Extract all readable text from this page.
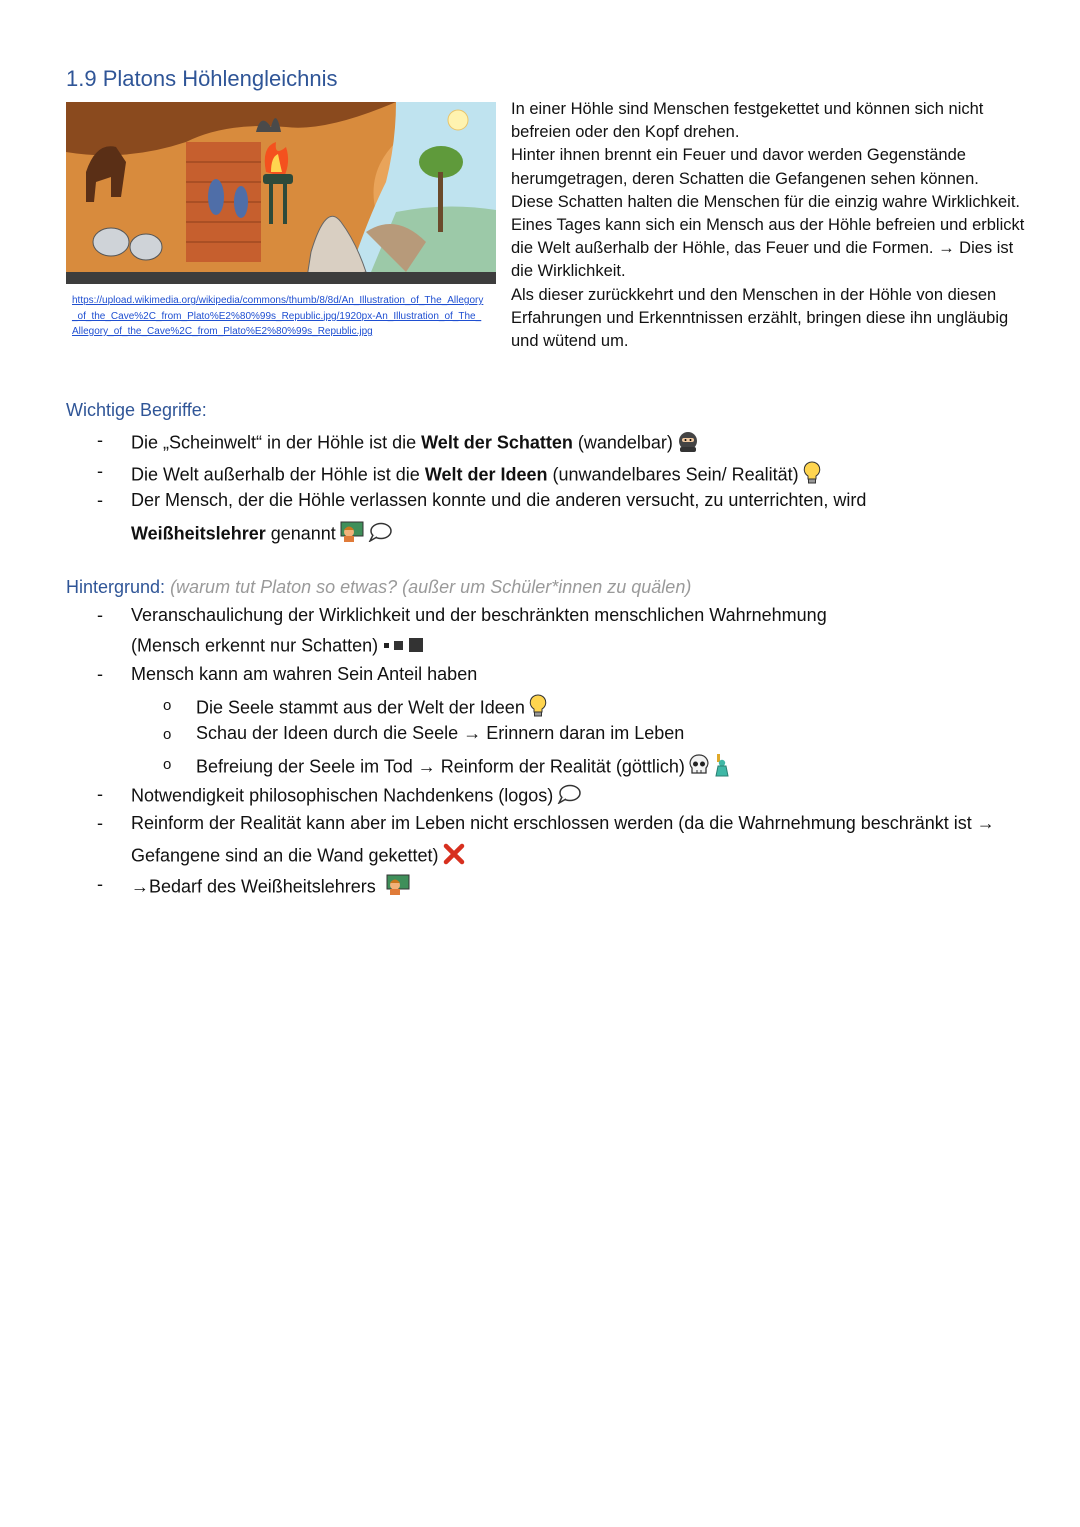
1.9 Platons Höhlengleichnis
https://upload.wikimedia.org/wikipedia/commons/thumb/8/8d/An_Illustration_of_The_Allegory_of_the_Cave%2C_from_Plato%E2%80%99s_Republic.jpg/1920px-An_Illustration_of_The_Allegory_of_the_Cave%2C_from_Plato%E2%80%99s_Republic.jpg

In einer Höhle sind Menschen festgekettet und können sich nicht befreien oder den Kopf drehen.

Hinter ihnen brennt ein Feuer und davor werden Gegenstände herumgetragen, deren Schatten die Gefangenen sehen können.

Diese Schatten halten die Menschen für die einzig wahre Wirklichkeit.

Eines Tages kann sich ein Mensch aus der Höhle befreien und erblickt die Welt außerhalb der Höhle, das Feuer und die Formen. → Dies ist die Wirklichkeit.

Als dieser zurückkehrt und den Menschen in der Höhle von diesen Erfahrungen und Erkenntnissen erzählt, bringen diese ihn ungläubig und wütend um.

Wichtige Begriffe:
- Die „Scheinwelt“ in der Höhle ist die Welt der Schatten (wandelbar)
- Die Welt außerhalb der Höhle ist die Welt der Ideen (unwandelbares Sein/ Realität)
- Der Mensch, der die Höhle verlassen konnte und die anderen versucht, zu unterrichten, wird
Weißheitslehrer genannt
Hintergrund: (warum tut Platon so etwas? (außer um Schüler*innen zu quälen)
- Veranschaulichung der Wirklichkeit und der beschränkten menschlichen Wahrnehmung
(Mensch erkennt nur Schatten)
- Mensch kann am wahren Sein Anteil haben
o Die Seele stammt aus der Welt der Ideen
o Schau der Ideen durch die Seele → Erinnern daran im Leben
o Befreiung der Seele im Tod → Reinform der Realität (göttlich)
- Notwendigkeit philosophischen Nachdenkens (logos)
- Reinform der Realität kann aber im Leben nicht erschlossen werden (da die Wahrnehmung beschränkt ist →
Gefangene sind an die Wand gekettet)
- →Bedarf des Weißheitslehrers
